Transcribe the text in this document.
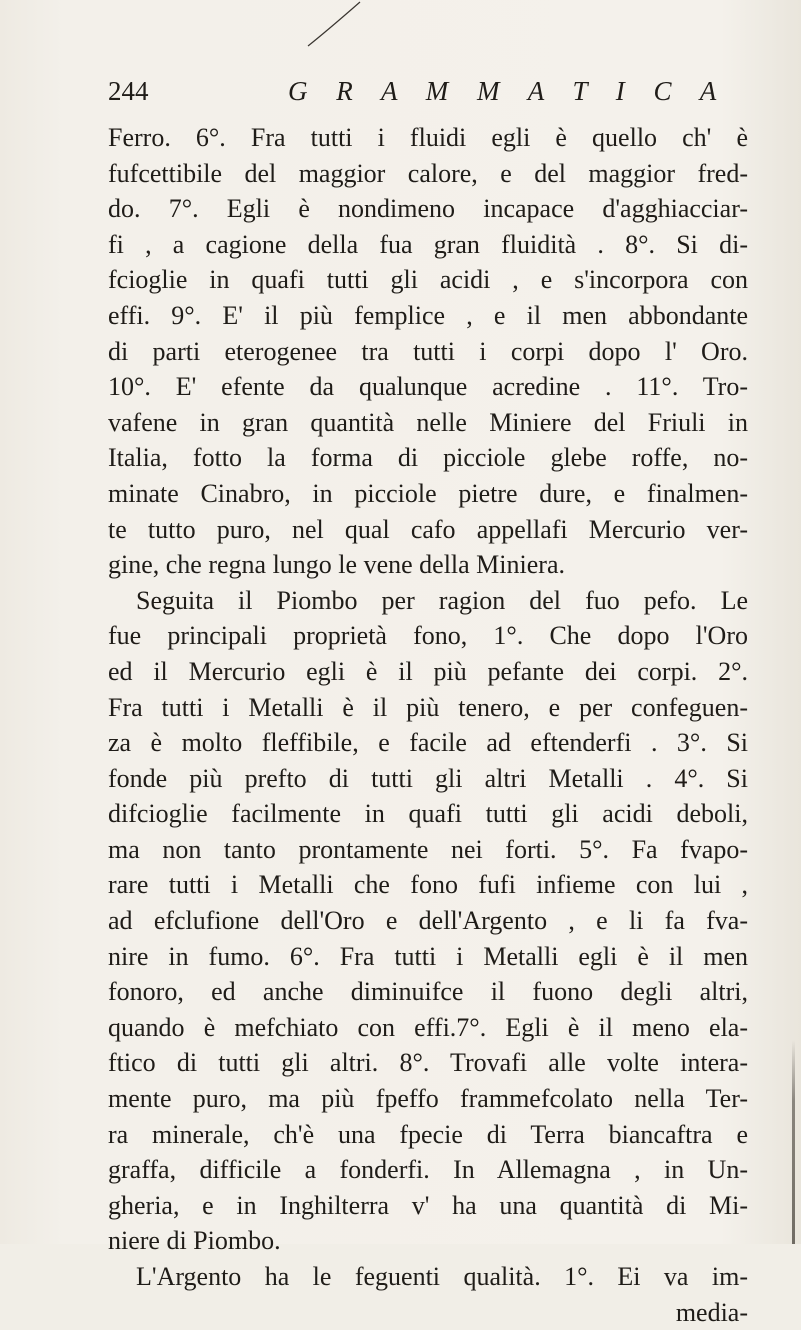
244	G R A M M A T I C A
Ferro. 6°. Fra tutti i fluidi egli è quello ch' è
fufcettibile del maggior calore, e del maggior fred-
do. 7°. Egli è nondimeno incapace d'agghiacciar-
fi , a cagione della fua gran fluidità . 8°. Si di-
fcioglie in quafi tutti gli acidi , e s'incorpora con
effi. 9°. E' il più femplice , e il men abbondante
di parti eterogenee tra tutti i corpi dopo l' Oro.
10°. E' efente da qualunque acredine . 11°. Tro-
vafene in gran quantità nelle Miniere del Friuli in
Italia, fotto la forma di picciole glebe roffe, no-
minate Cinabro, in picciole pietre dure, e finalmen-
te tutto puro, nel qual cafo appellafi Mercurio ver-
gine, che regna lungo le vene della Miniera.
Seguita il Piombo per ragion del fuo pefo. Le
fue principali proprietà fono, 1°. Che dopo l'Oro
ed il Mercurio egli è il più pefante dei corpi. 2°.
Fra tutti i Metalli è il più tenero, e per confeguen-
za è molto fleffibile, e facile ad eftenderfi . 3°. Si
fonde più prefto di tutti gli altri Metalli . 4°. Si
difcioglie facilmente in quafi tutti gli acidi deboli,
ma non tanto prontamente nei forti. 5°. Fa fvapo-
rare tutti i Metalli che fono fufi infieme con lui ,
ad efclufione dell'Oro e dell'Argento , e li fa fva-
nire in fumo. 6°. Fra tutti i Metalli egli è il men
fonoro, ed anche diminuifce il fuono degli altri,
quando è mefchiato con effi.7°. Egli è il meno ela-
ftico di tutti gli altri. 8°. Trovafi alle volte intera-
mente puro, ma più fpeffo frammefcolato nella Ter-
ra minerale, ch'è una fpecie di Terra biancaftra e
graffa, difficile a fonderfi. In Allemagna , in Un-
gheria, e in Inghilterra v' ha una quantità di Mi-
niere di Piombo.
L'Argento ha le feguenti qualità. 1°. Ei va im-
media-
